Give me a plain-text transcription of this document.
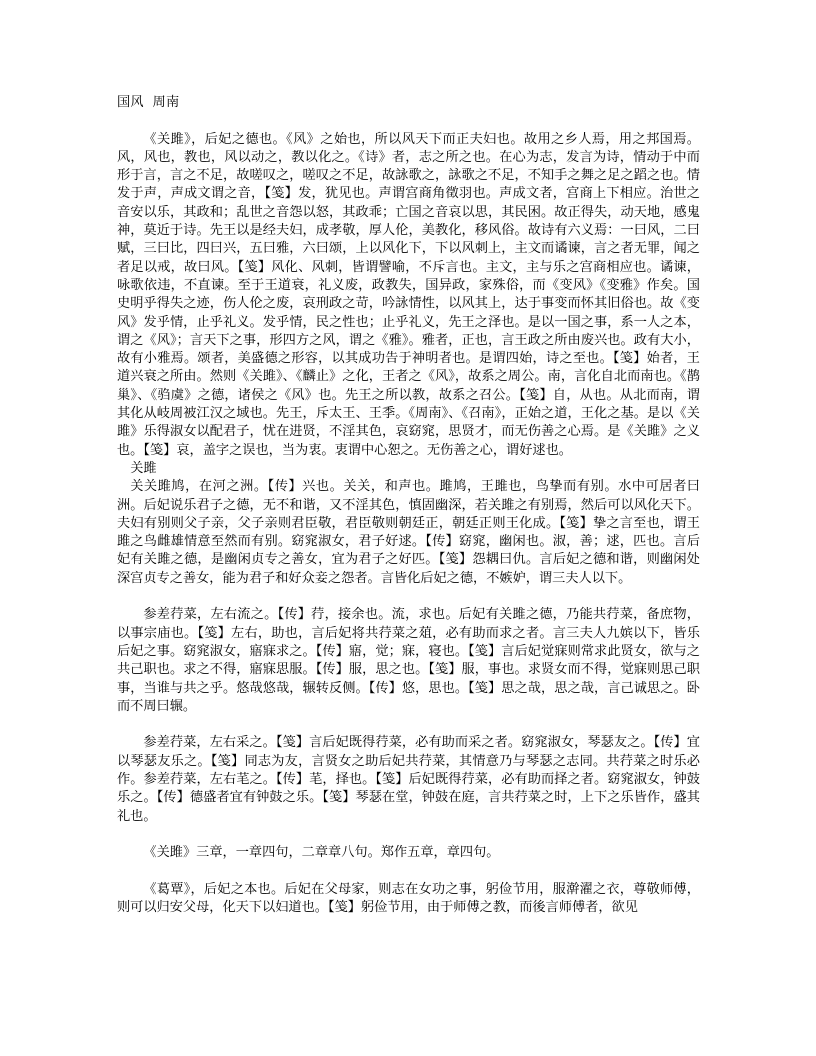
国风  周南

《关雎》，后妃之德也。《风》之始也，所以风天下而正夫妇也。故用之乡人焉，用之邦国焉。风，风也，教也，风以动之，教以化之。《诗》者，志之所之也。在心为志，发言为诗，情动于中而形于言，言之不足，故嗟叹之，嗟叹之不足，故詠歌之，詠歌之不足，不知手之舞之足之蹈之也。情发于声，声成文谓之音，【笺】发，犹见也。声谓宫商角徵羽也。声成文者，宫商上下相应。治世之音安以乐，其政和；乱世之音怨以怒，其政乖；亡国之音哀以思，其民困。故正得失，动天地，感鬼神，莫近于诗。先王以是经夫妇，成孝敬，厚人伦，美教化，移风俗。故诗有六义焉：一曰风，二曰赋，三曰比，四曰兴，五曰雅，六曰颂，上以风化下，下以风刺上，主文而谲谏，言之者无罪，闻之者足以戒，故曰风。【笺】风化、风刺，皆谓譬喻，不斥言也。主文，主与乐之宫商相应也。谲谏，咏歌依违，不直谏。至于王道衰，礼义废，政教失，国异政，家殊俗，而《变风》《变雅》作矣。国史明乎得失之迹，伤人伦之废，哀刑政之苛，吟詠情性，以风其上，达于事变而怀其旧俗也。故《变风》发乎情，止乎礼义。发乎情，民之性也；止乎礼义，先王之泽也。是以一国之事，系一人之本，谓之《风》；言天下之事，形四方之风，谓之《雅》。雅者，正也，言王政之所由废兴也。政有大小，故有小雅焉。颂者，美盛德之形容，以其成功告于神明者也。是谓四始，诗之至也。【笺】始者，王道兴衰之所由。然则《关雎》、《麟止》之化，王者之《风》，故系之周公。南，言化自北而南也。《鹊巢》、《驺虞》之德，诸侯之《风》也。先王之所以教，故系之召公。【笺】自，从也。从北而南，谓其化从岐周被江汉之域也。先王，斥太王、王季。《周南》、《召南》，正始之道，王化之基。是以《关雎》乐得淑女以配君子，忧在进贤，不淫其色，哀窈窕，思贤才，而无伤善之心焉。是《关雎》之义也。【笺】哀，盖字之误也，当为衷。衷谓中心恕之。无伤善之心，谓好逑也。

关雎

关关雎鸠，在河之洲。【传】兴也。关关，和声也。雎鸠，王雎也，鸟挚而有别。水中可居者曰洲。后妃说乐君子之德，无不和谐，又不淫其色，慎固幽深，若关雎之有别焉，然后可以风化天下。夫妇有别则父子亲，父子亲则君臣敬，君臣敬则朝廷正，朝廷正则王化成。【笺】挚之言至也，谓王雎之鸟雌雄情意至然而有别。窈窕淑女，君子好逑。【传】窈窕，幽闲也。淑，善；逑，匹也。言后妃有关雎之德，是幽闲贞专之善女，宜为君子之好匹。【笺】怨耦曰仇。言后妃之德和谐，则幽闲处深宫贞专之善女，能为君子和好众妾之怨者。言皆化后妃之德，不嫉妒，谓三夫人以下。

参差荇菜，左右流之。【传】荇，接余也。流，求也。后妃有关雎之德，乃能共荇菜，备庶物，以事宗庙也。【笺】左右，助也，言后妃将共荇菜之葅，必有助而求之者。言三夫人九嫔以下，皆乐后妃之事。窈窕淑女，寤寐求之。【传】寤，觉；寐，寝也。【笺】言后妃觉寐则常求此贤女，欲与之共己职也。求之不得，寤寐思服。【传】服，思之也。【笺】服，事也。求贤女而不得，觉寐则思己职事，当谁与共之乎。悠哉悠哉，辗转反侧。【传】悠，思也。【笺】思之哉，思之哉，言己诚思之。卧而不周曰辗。

参差荇菜，左右采之。【笺】言后妃既得荇菜，必有助而采之者。窈窕淑女，琴瑟友之。【传】宜以琴瑟友乐之。【笺】同志为友，言贤女之助后妃共荇菜，其情意乃与琴瑟之志同。共荇菜之时乐必作。参差荇菜，左右芼之。【传】芼，择也。【笺】后妃既得荇菜，必有助而择之者。窈窕淑女，钟鼓乐之。【传】德盛者宜有钟鼓之乐。【笺】琴瑟在堂，钟鼓在庭，言共荇菜之时，上下之乐皆作，盛其礼也。

《关雎》三章，一章四句，二章章八句。郑作五章，章四句。

《葛覃》，后妃之本也。后妃在父母家，则志在女功之事，躬俭节用，服澣濯之衣，尊敬师傅，则可以归安父母，化天下以妇道也。【笺】躬俭节用，由于师傅之教，而後言师傅者，欲见
